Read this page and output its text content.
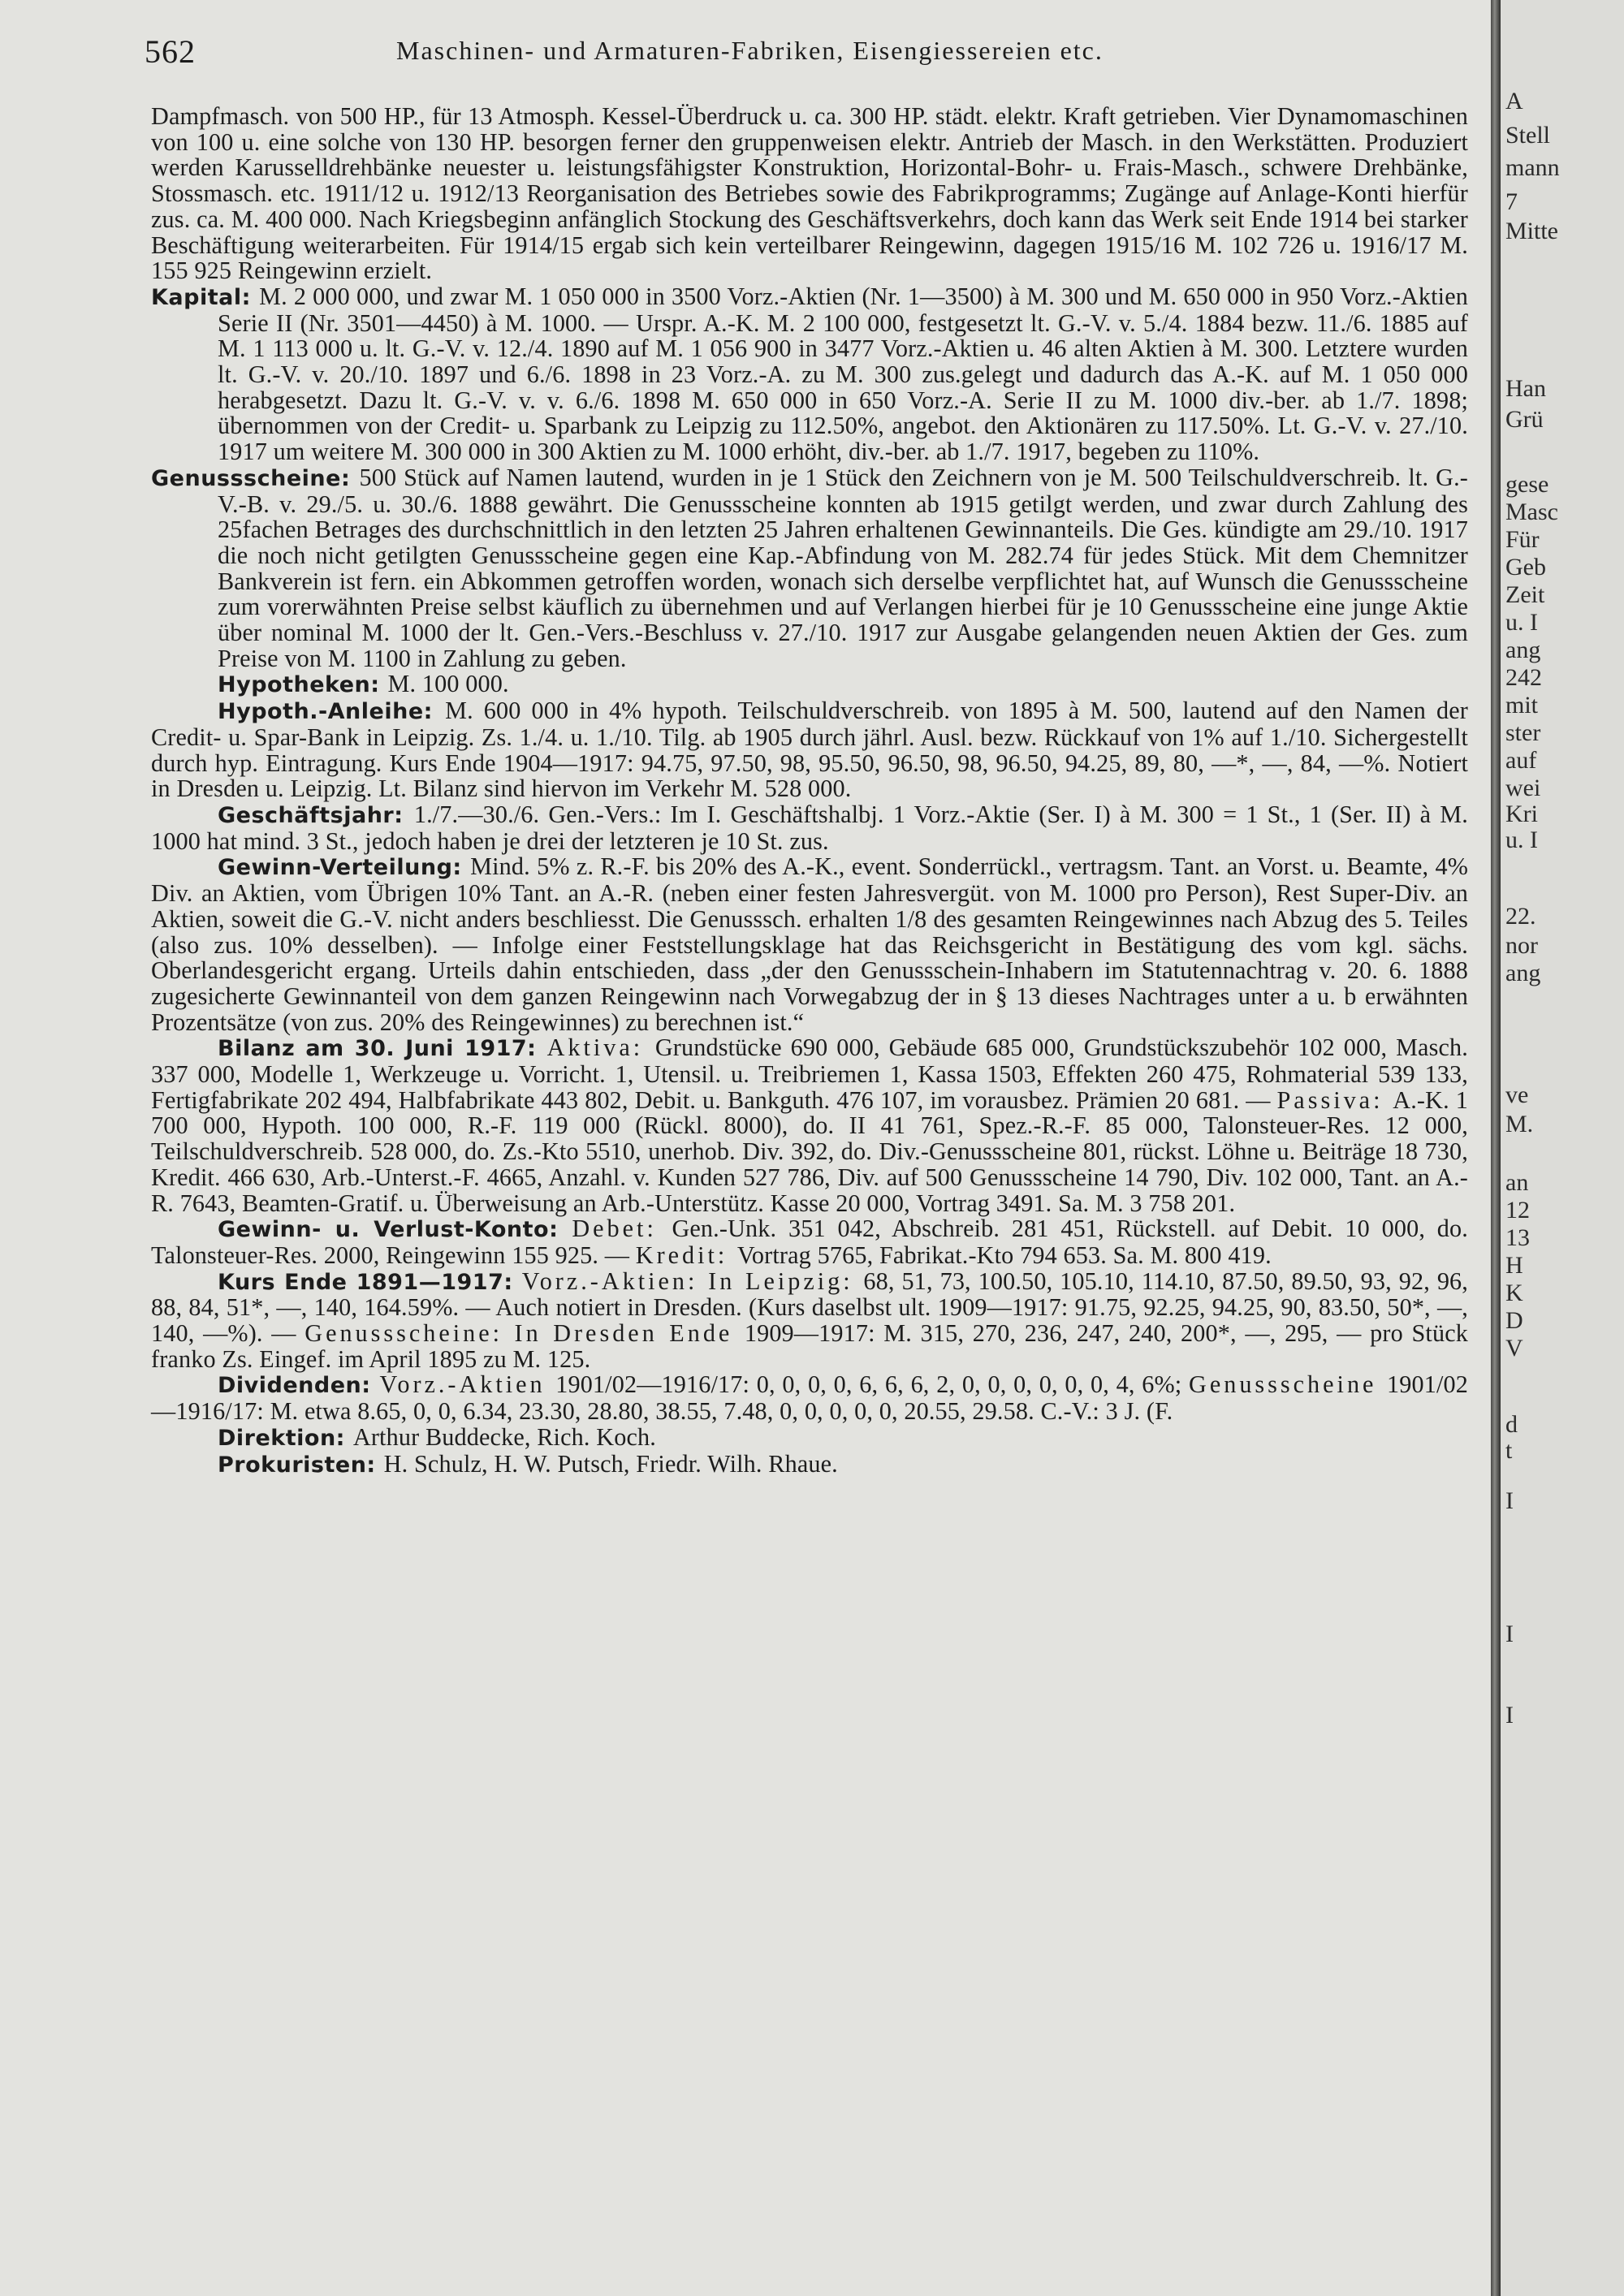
562	Maschinen- und Armaturen-Fabriken, Eisengiessereien etc.

Dampfmasch. von 500 HP., für 13 Atmosph. Kessel-Überdruck u. ca. 300 HP. städt. elektr. Kraft getrieben. Vier Dynamomaschinen von 100 u. eine solche von 130 HP. besorgen ferner den gruppenweisen elektr. Antrieb der Masch. in den Werkstätten. Produziert werden Karusselldrehbänke neuester u. leistungsfähigster Konstruktion, Horizontal-Bohr- u. Frais-Masch., schwere Drehbänke, Stossmasch. etc. 1911/12 u. 1912/13 Reorganisation des Betriebes sowie des Fabrikprogramms; Zugänge auf Anlage-Konti hierfür zus. ca. M. 400 000. Nach Kriegsbeginn anfänglich Stockung des Geschäftsverkehrs, doch kann das Werk seit Ende 1914 bei starker Beschäftigung weiterarbeiten. Für 1914/15 ergab sich kein verteilbarer Reingewinn, dagegen 1915/16 M. 102 726 u. 1916/17 M. 155 925 Reingewinn erzielt.

Kapital: M. 2 000 000, und zwar M. 1 050 000 in 3500 Vorz.-Aktien (Nr. 1—3500) à M. 300 und M. 650 000 in 950 Vorz.-Aktien Serie II (Nr. 3501—4450) à M. 1000. — Urspr. A.-K. M. 2 100 000, festgesetzt lt. G.-V. v. 5./4. 1884 bezw. 11./6. 1885 auf M. 1 113 000 u. lt. G.-V. v. 12./4. 1890 auf M. 1 056 900 in 3477 Vorz.-Aktien u. 46 alten Aktien à M. 300. Letztere wurden lt. G.-V. v. 20./10. 1897 und 6./6. 1898 in 23 Vorz.-A. zu M. 300 zus.gelegt und dadurch das A.-K. auf M. 1 050 000 herabgesetzt. Dazu lt. G.-V. v. v. 6./6. 1898 M. 650 000 in 650 Vorz.-A. Serie II zu M. 1000 div.-ber. ab 1./7. 1898; übernommen von der Credit- u. Sparbank zu Leipzig zu 112.50%, angebot. den Aktionären zu 117.50%. Lt. G.-V. v. 27./10. 1917 um weitere M. 300 000 in 300 Aktien zu M. 1000 erhöht, div.-ber. ab 1./7. 1917, begeben zu 110%.

Genussscheine: 500 Stück auf Namen lautend, wurden in je 1 Stück den Zeichnern von je M. 500 Teilschuldverschreib. lt. G.-V.-B. v. 29./5. u. 30./6. 1888 gewährt. Die Genussscheine konnten ab 1915 getilgt werden, und zwar durch Zahlung des 25fachen Betrages des durchschnittlich in den letzten 25 Jahren erhaltenen Gewinnanteils. Die Ges. kündigte am 29./10. 1917 die noch nicht getilgten Genussscheine gegen eine Kap.-Abfindung von M. 282.74 für jedes Stück. Mit dem Chemnitzer Bankverein ist fern. ein Abkommen getroffen worden, wonach sich derselbe verpflichtet hat, auf Wunsch die Genussscheine zum vorerwähnten Preise selbst käuflich zu übernehmen und auf Verlangen hierbei für je 10 Genussscheine eine junge Aktie über nominal M. 1000 der lt. Gen.-Vers.-Beschluss v. 27./10. 1917 zur Ausgabe gelangenden neuen Aktien der Ges. zum Preise von M. 1100 in Zahlung zu geben.

Hypotheken: M. 100 000.

Hypoth.-Anleihe: M. 600 000 in 4% hypoth. Teilschuldverschreib. von 1895 à M. 500, lautend auf den Namen der Credit- u. Spar-Bank in Leipzig. Zs. 1./4. u. 1./10. Tilg. ab 1905 durch jährl. Ausl. bezw. Rückkauf von 1% auf 1./10. Sichergestellt durch hyp. Eintragung. Kurs Ende 1904—1917: 94.75, 97.50, 98, 95.50, 96.50, 98, 96.50, 94.25, 89, 80, —*, —, 84, —%. Notiert in Dresden u. Leipzig. Lt. Bilanz sind hiervon im Verkehr M. 528 000.

Geschäftsjahr: 1./7.—30./6. Gen.-Vers.: Im I. Geschäftshalbj. 1 Vorz.-Aktie (Ser. I) à M. 300 = 1 St., 1 (Ser. II) à M. 1000 hat mind. 3 St., jedoch haben je drei der letzteren je 10 St. zus.

Gewinn-Verteilung: Mind. 5% z. R.-F. bis 20% des A.-K., event. Sonderrückl., vertragsm. Tant. an Vorst. u. Beamte, 4% Div. an Aktien, vom Übrigen 10% Tant. an A.-R. (neben einer festen Jahresvergüt. von M. 1000 pro Person), Rest Super-Div. an Aktien, soweit die G.-V. nicht anders beschliesst. Die Genusssch. erhalten 1/8 des gesamten Reingewinnes nach Abzug des 5. Teiles (also zus. 10% desselben). — Infolge einer Feststellungsklage hat das Reichsgericht in Bestätigung des vom kgl. sächs. Oberlandesgericht ergang. Urteils dahin entschieden, dass „der den Genussschein-Inhabern im Statutennachtrag v. 20. 6. 1888 zugesicherte Gewinnanteil von dem ganzen Reingewinn nach Vorwegabzug der in § 13 dieses Nachtrages unter a u. b erwähnten Prozentsätze (von zus. 20% des Reingewinnes) zu berechnen ist.“

Bilanz am 30. Juni 1917: Aktiva: Grundstücke 690 000, Gebäude 685 000, Grundstückszubehör 102 000, Masch. 337 000, Modelle 1, Werkzeuge u. Vorricht. 1, Utensil. u. Treibriemen 1, Kassa 1503, Effekten 260 475, Rohmaterial 539 133, Fertigfabrikate 202 494, Halbfabrikate 443 802, Debit. u. Bankguth. 476 107, im vorausbez. Prämien 20 681. — Passiva: A.-K. 1 700 000, Hypoth. 100 000, R.-F. 119 000 (Rückl. 8000), do. II 41 761, Spez.-R.-F. 85 000, Talonsteuer-Res. 12 000, Teilschuldverschreib. 528 000, do. Zs.-Kto 5510, unerhob. Div. 392, do. Div.-Genussscheine 801, rückst. Löhne u. Beiträge 18 730, Kredit. 466 630, Arb.-Unterst.-F. 4665, Anzahl. v. Kunden 527 786, Div. auf 500 Genussscheine 14 790, Div. 102 000, Tant. an A.-R. 7643, Beamten-Gratif. u. Überweisung an Arb.-Unterstütz. Kasse 20 000, Vortrag 3491. Sa. M. 3 758 201.

Gewinn- u. Verlust-Konto: Debet: Gen.-Unk. 351 042, Abschreib. 281 451, Rückstell. auf Debit. 10 000, do. Talonsteuer-Res. 2000, Reingewinn 155 925. — Kredit: Vortrag 5765, Fabrikat.-Kto 794 653. Sa. M. 800 419.

Kurs Ende 1891—1917: Vorz.-Aktien: In Leipzig: 68, 51, 73, 100.50, 105.10, 114.10, 87.50, 89.50, 93, 92, 96, 88, 84, 51*, —, 140, 164.59%. — Auch notiert in Dresden. (Kurs daselbst ult. 1909—1917: 91.75, 92.25, 94.25, 90, 83.50, 50*, —, 140, —%). — Genussscheine: In Dresden Ende 1909—1917: M. 315, 270, 236, 247, 240, 200*, —, 295, — pro Stück franko Zs. Eingef. im April 1895 zu M. 125.

Dividenden: Vorz.-Aktien 1901/02—1916/17: 0, 0, 0, 0, 6, 6, 6, 2, 0, 0, 0, 0, 0, 0, 4, 6%; Genussscheine 1901/02—1916/17: M. etwa 8.65, 0, 0, 6.34, 23.30, 28.80, 38.55, 7.48, 0, 0, 0, 0, 0, 20.55, 29.58. C.-V.: 3 J. (F.

Direktion: Arthur Buddecke, Rich. Koch.

Prokuristen: H. Schulz, H. W. Putsch, Friedr. Wilh. Rhaue.

A
Stell
mann
7
Mitte
Han
Grü
gese
Masc
Für
Geb
Zeit
u. I
ang
242
mit
ster
auf
wei
Kri
u. I
22.
nor
ang
ve
M.
an
12
13
H
K
D
V
d
t
I
I
I
